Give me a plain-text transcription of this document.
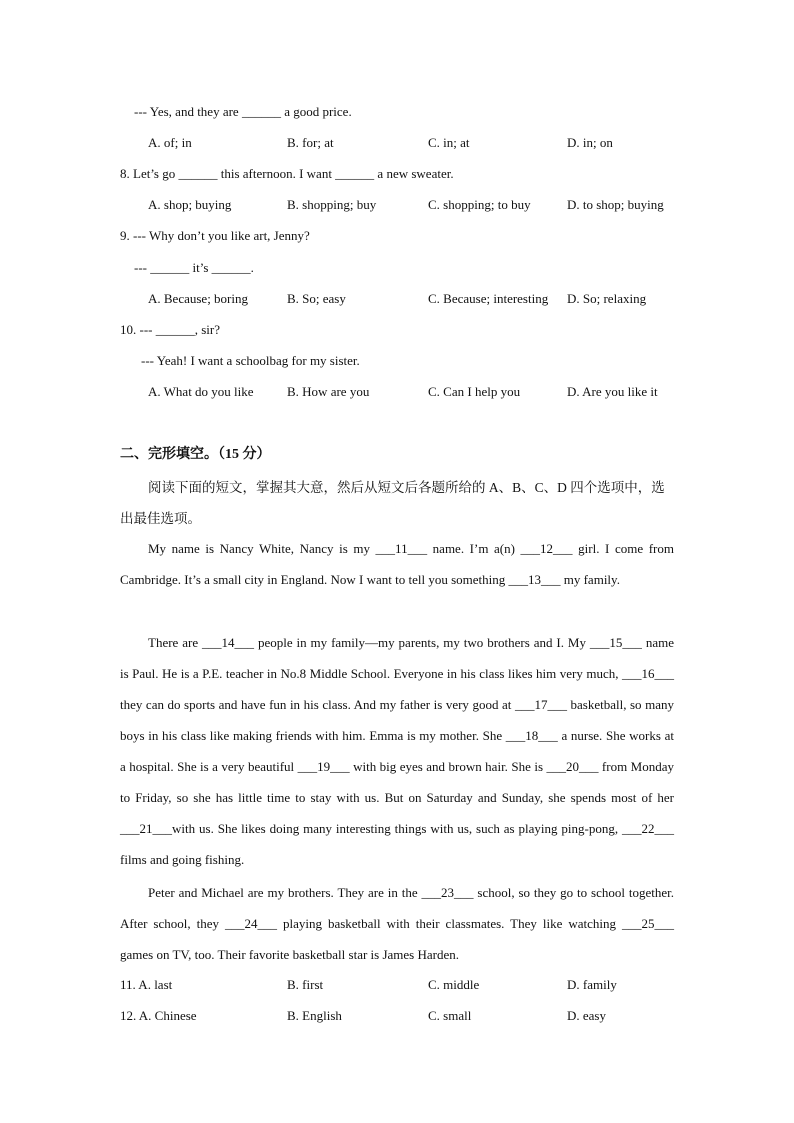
--- Yes, and they are ______ a good price.
A. of; in	B. for; at	C. in; at	D. in; on
8. Let’s go ______ this afternoon. I want ______ a new sweater.
A. shop; buying	B. shopping; buy	C. shopping; to buy	D. to shop; buying
9. --- Why don’t you like art, Jenny?
--- ______ it’s ______.
A. Because; boring	B. So; easy	C. Because; interesting D. So; relaxing
10. --- ______, sir?
--- Yeah! I want a schoolbag for my sister.
A. What do you like	B. How are you	C. Can I help you	D. Are you like it
二、完形填空。（15 分）
阅读下面的短文，掌握其大意，然后从短文后各题所给的 A、B、C、D 四个选项中，选出最佳选项。
My name is Nancy White, Nancy is my ___11___ name. I’m a(n) ___12___ girl. I come from Cambridge. It’s a small city in England. Now I want to tell you something ___13___ my family.
There are ___14___ people in my family—my parents, my two brothers and I. My ___15___ name is Paul. He is a P.E. teacher in No.8 Middle School. Everyone in his class likes him very much, ___16___ they can do sports and have fun in his class. And my father is very good at ___17___ basketball, so many boys in his class like making friends with him. Emma is my mother. She ___18___ a nurse. She works at a hospital. She is a very beautiful ___19___ with big eyes and brown hair. She is ___20___ from Monday to Friday, so she has little time to stay with us. But on Saturday and Sunday, she spends most of her ___21___with us. She likes doing many interesting things with us, such as playing ping-pong, ___22___ films and going fishing.
Peter and Michael are my brothers. They are in the ___23___ school, so they go to school together. After school, they ___24___ playing basketball with their classmates. They like watching ___25___ games on TV, too. Their favorite basketball star is James Harden.
11. A. last	B. first	C. middle	D. family
12. A. Chinese	B. English	C. small	D. easy
